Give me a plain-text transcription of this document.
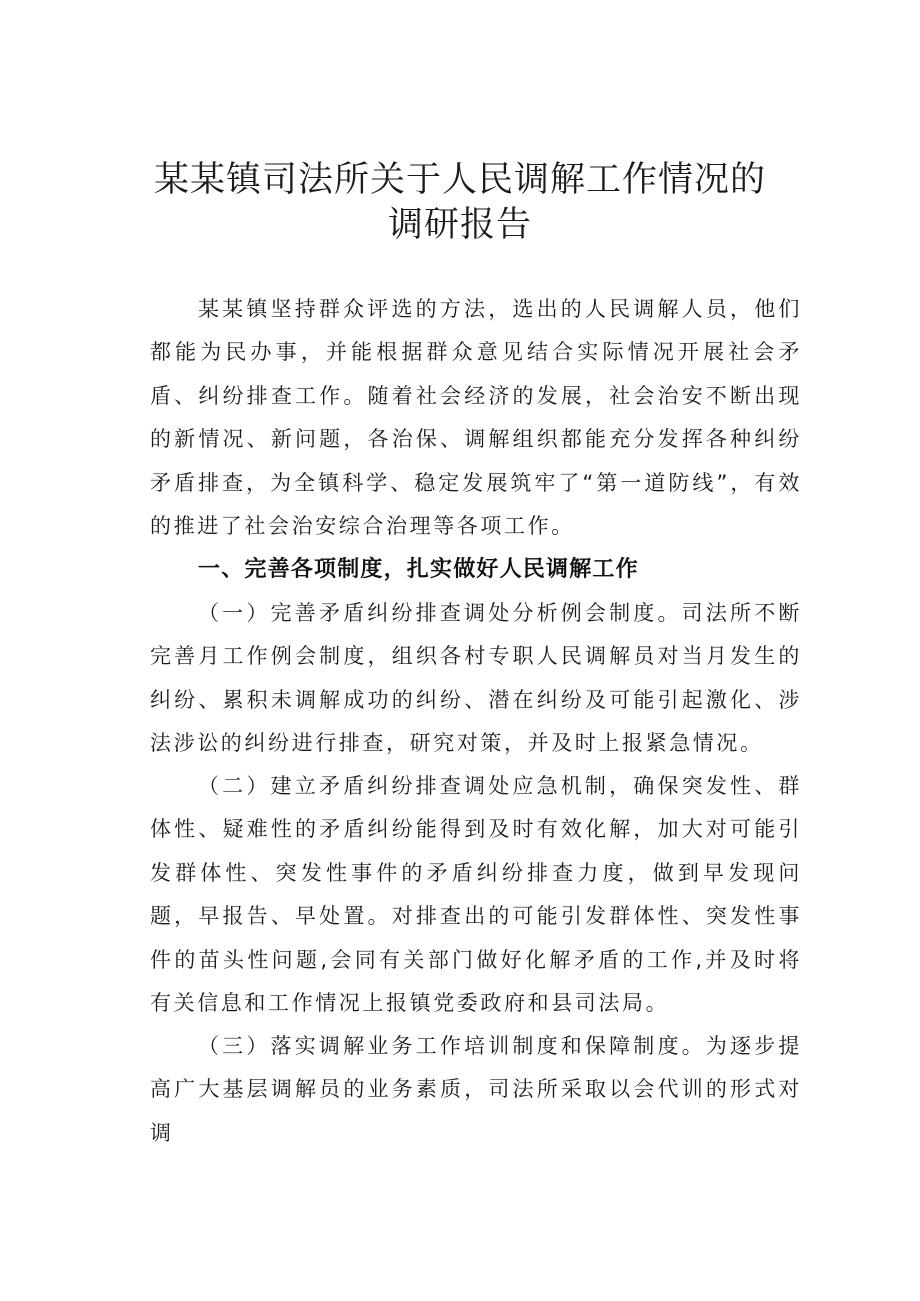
某某镇司法所关于人民调解工作情况的
调研报告

某某镇坚持群众评选的方法，选出的人民调解人员，他们都能为民办事，并能根据群众意见结合实际情况开展社会矛盾、纠纷排查工作。随着社会经济的发展，社会治安不断出现的新情况、新问题，各治保、调解组织都能充分发挥各种纠纷矛盾排查，为全镇科学、稳定发展筑牢了“第一道防线”，有效的推进了社会治安综合治理等各项工作。

一、完善各项制度，扎实做好人民调解工作

（一）完善矛盾纠纷排查调处分析例会制度。司法所不断完善月工作例会制度，组织各村专职人民调解员对当月发生的纠纷、累积未调解成功的纠纷、潜在纠纷及可能引起激化、涉法涉讼的纠纷进行排查，研究对策，并及时上报紧急情况。

（二）建立矛盾纠纷排查调处应急机制，确保突发性、群体性、疑难性的矛盾纠纷能得到及时有效化解，加大对可能引发群体性、突发性事件的矛盾纠纷排查力度，做到早发现问题，早报告、早处置。对排查出的可能引发群体性、突发性事件的苗头性问题,会同有关部门做好化解矛盾的工作,并及时将有关信息和工作情况上报镇党委政府和县司法局。

（三）落实调解业务工作培训制度和保障制度。为逐步提高广大基层调解员的业务素质，司法所采取以会代训的形式对调
